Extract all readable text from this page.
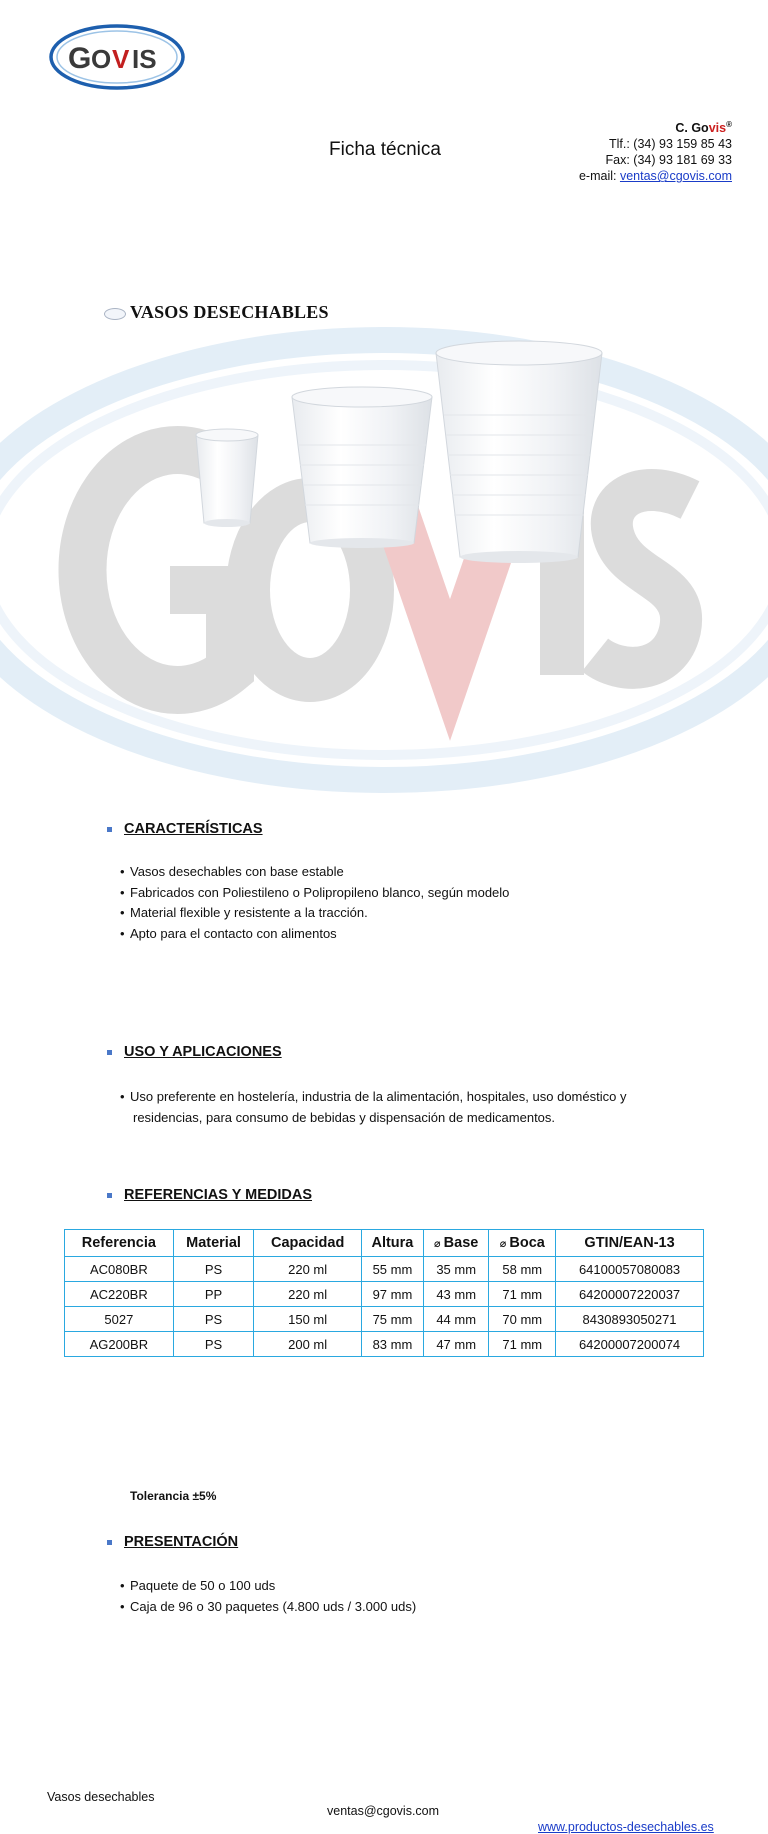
G O V IS
Ficha técnica
C. Govis®
Tlf.: (34) 93 159 85 43
Fax: (34) 93 181 69 33
e-mail: ventas@cgovis.com
VASOS DESECHABLES
CARACTERÍSTICAS
• Vasos desechables con base estable
• Fabricados con Poliestileno o Polipropileno blanco, según modelo
• Material flexible y resistente a la tracción.
• Apto para el contacto con alimentos
USO Y APLICACIONES
• Uso preferente en hostelería, industria de la alimentación, hospitales, uso doméstico y
residencias, para consumo de bebidas y dispensación de medicamentos.
REFERENCIAS Y MEDIDAS
Referencia	Material	Capacidad	Altura	⌀ Base	⌀ Boca	GTIN/EAN-13
AC080BR	PS	220 ml	55 mm	35 mm	58 mm	64100057080083
AC220BR	PP	220 ml	97 mm	43 mm	71 mm	64200007220037
5027	PS	150 ml	75 mm	44 mm	70 mm	8430893050271
AG200BR	PS	200 ml	83 mm	47 mm	71 mm	64200007200074
Tolerancia ±5%
PRESENTACIÓN
• Paquete de 50 o 100 uds
• Caja de 96 o 30 paquetes (4.800 uds / 3.000 uds)
Vasos desechables
ventas@cgovis.com
$_{www.productos-desechables.es}$
